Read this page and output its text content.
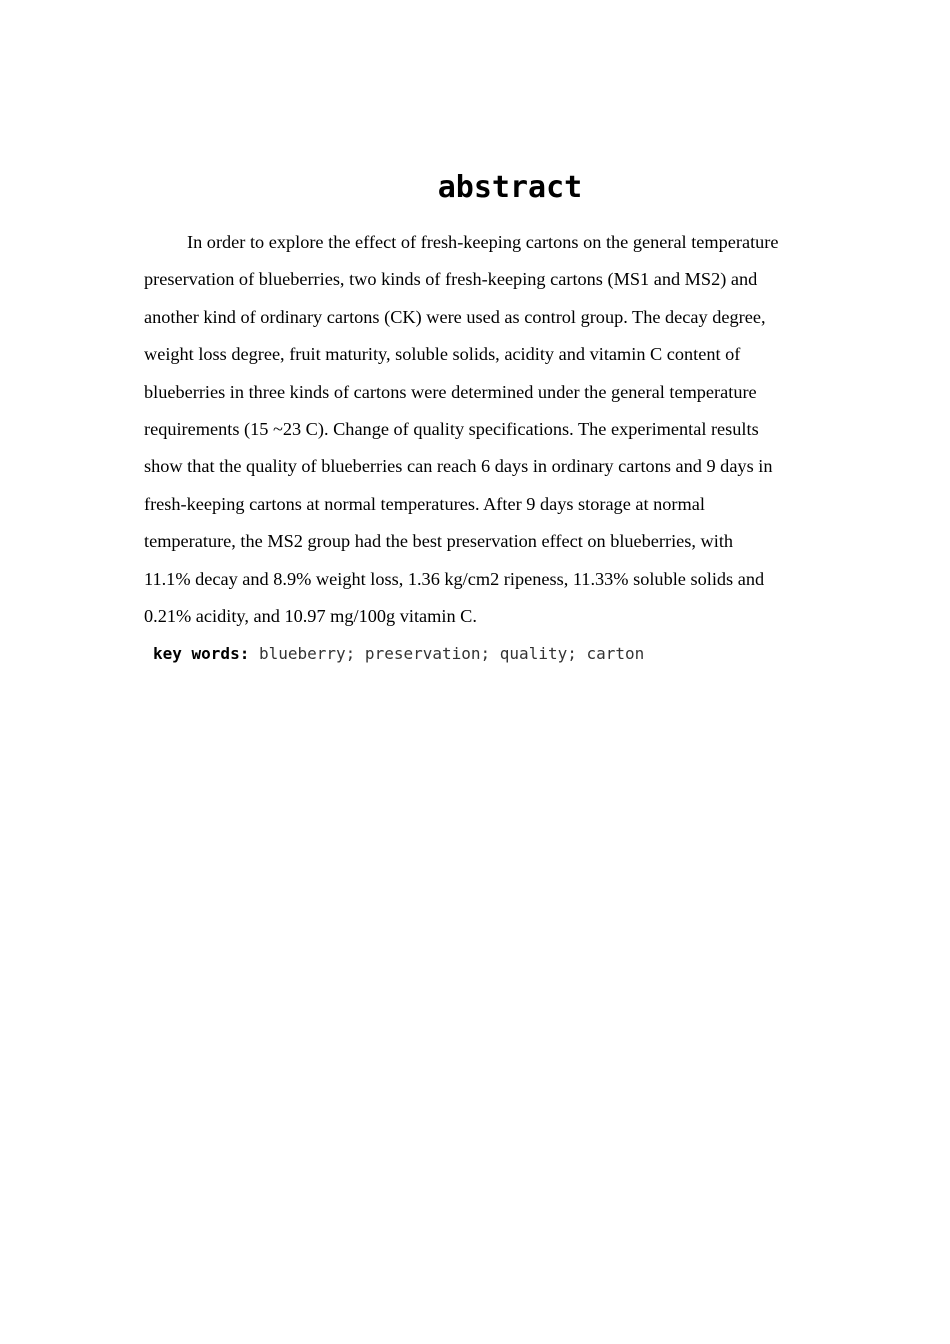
abstract

In order to explore the effect of fresh-keeping cartons on the general temperature
preservation of blueberries, two kinds of fresh-keeping cartons (MS1 and MS2) and
another kind of ordinary cartons (CK) were used as control group. The decay degree,
weight loss degree, fruit maturity, soluble solids, acidity and vitamin C content of
blueberries in three kinds of cartons were determined under the general temperature
requirements (15 ~23 C). Change of quality specifications. The experimental results
show that the quality of blueberries can reach 6 days in ordinary cartons and 9 days in
fresh-keeping cartons at normal temperatures. After 9 days storage at normal
temperature, the MS2 group had the best preservation effect on blueberries, with
11.1% decay and 8.9% weight loss, 1.36 kg/cm2 ripeness, 11.33% soluble solids and
0.21% acidity, and 10.97 mg/100g vitamin C.

key words: blueberry; preservation; quality; carton
